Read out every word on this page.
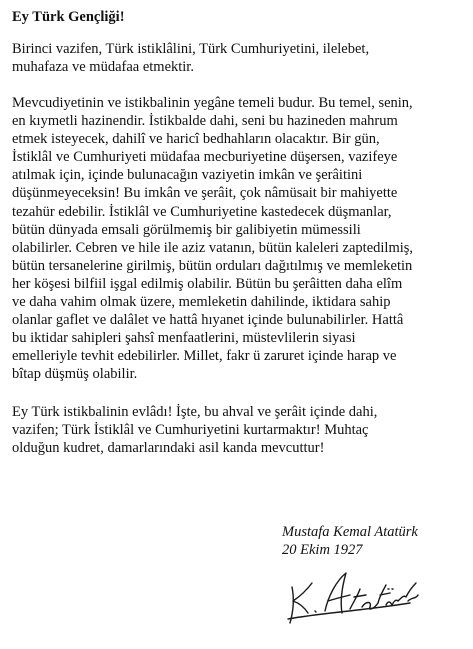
Ey Türk Gençliği!

Birinci vazifen, Türk istiklâlini, Türk Cumhuriyetini, ilelebet,
muhafaza ve müdafaa etmektir.

Mevcudiyetinin ve istikbalinin yegâne temeli budur. Bu temel, senin,
en kıymetli hazinendir. İstikbalde dahi, seni bu hazineden mahrum
etmek isteyecek, dahilî ve haricî bedhahların olacaktır. Bir gün,
İstiklâl ve Cumhuriyeti müdafaa mecburiyetine düşersen, vazifeye
atılmak için, içinde bulunacağın vaziyetin imkân ve şerâitini
düşünmeyeceksin! Bu imkân ve şerâit, çok nâmüsait bir mahiyette
tezahür edebilir. İstiklâl ve Cumhuriyetine kastedecek düşmanlar,
bütün dünyada emsali görülmemiş bir galibiyetin mümessili
olabilirler. Cebren ve hile ile aziz vatanın, bütün kaleleri zaptedilmiş,
bütün tersanelerine girilmiş, bütün orduları dağıtılmış ve memleketin
her köşesi bilfiil işgal edilmiş olabilir. Bütün bu şerâitten daha elîm
ve daha vahim olmak üzere, memleketin dahilinde, iktidara sahip
olanlar gaflet ve dalâlet ve hattâ hıyanet içinde bulunabilirler. Hattâ
bu iktidar sahipleri şahsî menfaatlerini, müstevlilerin siyasi
emelleriyle tevhit edebilirler. Millet, fakr ü zaruret içinde harap ve
bîtap düşmüş olabilir.

Ey Türk istikbalinin evlâdı! İşte, bu ahval ve şerâit içinde dahi,
vazifen; Türk İstiklâl ve Cumhuriyetini kurtarmaktır! Muhtaç
olduğun kudret, damarlarındaki asil kanda mevcuttur!

Mustafa Kemal Atatürk
20 Ekim 1927
